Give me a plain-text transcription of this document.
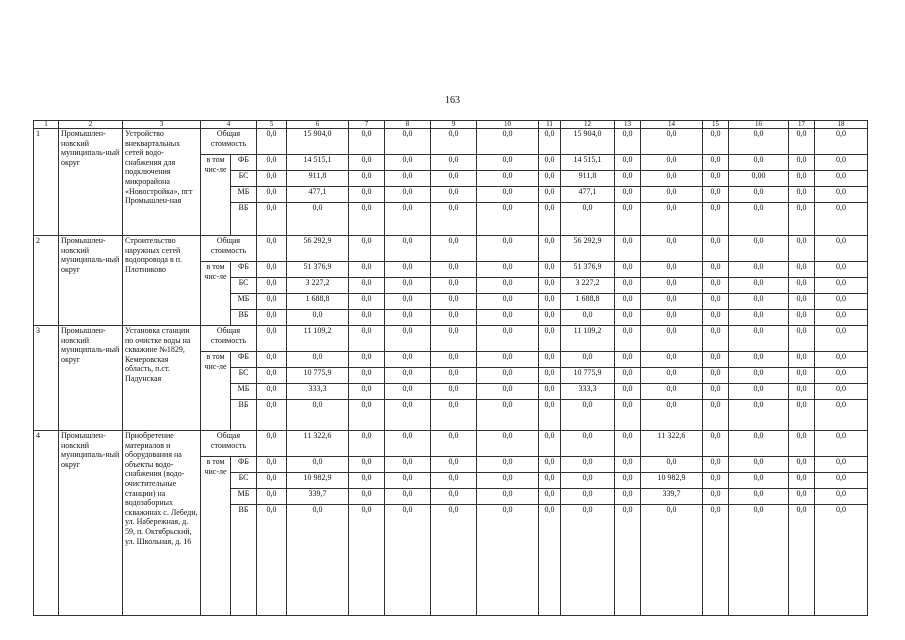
163
1	2	3	4		5	6	7	8	9	10	11	12	13	14	15	16	17	18
1	Промышлен-новский муниципаль-ный округ	Устройство внеквартальных сетей водо-снабжения для подключения микрорайона «Новостройка», пгт Промышлен-ная	Общая стоимость		0,0	15 904,0	0,0	0,0	0,0	0,0	0,0	15 904,0	0,0	0,0	0,0	0,0	0,0	0,0
			в том чис-ле	ФБ	0,0	14 515,1	0,0	0,0	0,0	0,0	0,0	14 515,1	0,0	0,0	0,0	0,0	0,0	0,0
				БС	0,0	911,8	0,0	0,0	0,0	0,0	0,0	911,8	0,0	0,0	0,0	0,00	0,0	0,0
				МБ	0,0	477,1	0,0	0,0	0,0	0,0	0,0	477,1	0,0	0,0	0,0	0,0	0,0	0,0
				ВБ	0,0	0,0	0,0	0,0	0,0	0,0	0,0	0,0	0,0	0,0	0,0	0,0	0,0	0,0
2	Промышлен-новский муниципаль-ный округ	Строительство наружных сетей водопровода в п. Плотниково	Общая стоимость		0,0	56 292,9	0,0	0,0	0,0	0,0	0,0	56 292,9	0,0	0,0	0,0	0,0	0,0	0,0
			в том чис-ле	ФБ	0,0	51 376,9	0,0	0,0	0,0	0,0	0,0	51 376,9	0,0	0,0	0,0	0,0	0,0	0,0
				БС	0,0	3 227,2	0,0	0,0	0,0	0,0	0,0	3 227,2	0,0	0,0	0,0	0,0	0,0	0,0
				МБ	0,0	1 688,8	0,0	0,0	0,0	0,0	0,0	1 688,8	0,0	0,0	0,0	0,0	0,0	0,0
				ВБ	0,0	0,0	0,0	0,0	0,0	0,0	0,0	0,0	0,0	0,0	0,0	0,0	0,0	0,0
3	Промышлен-новский муниципаль-ный округ	Установка станции по очистке воды на скважине №1829, Кемеровская область, п.ст. Падунская	Общая стоимость		0,0	11 109,2	0,0	0,0	0,0	0,0	0,0	11 109,2	0,0	0,0	0,0	0,0	0,0	0,0
			в том чис-ле	ФБ	0,0	0,0	0,0	0,0	0,0	0,0	0,0	0,0	0,0	0,0	0,0	0,0	0,0	0,0
				БС	0,0	10 775,9	0,0	0,0	0,0	0,0	0,0	10 775,9	0,0	0,0	0,0	0,0	0,0	0,0
				МБ	0,0	333,3	0,0	0,0	0,0	0,0	0,0	333,3	0,0	0,0	0,0	0,0	0,0	0,0
				ВБ	0,0	0,0	0,0	0,0	0,0	0,0	0,0	0,0	0,0	0,0	0,0	0,0	0,0	0,0
4	Промышлен-новский муниципаль-ный округ	Приобретение материалов и оборудования на объекты водо-снабжения (водо-очистительные станции) на водозаборных скважинах с. Лебеди, ул. Набережная, д. 59, п. Октябрьский, ул. Школьная, д. 16	Общая стоимость		0,0	11 322,6	0,0	0,0	0,0	0,0	0,0	0,0	0,0	11 322,6	0,0	0,0	0,0	0,0
			в том чис-ле	ФБ	0,0	0,0	0,0	0,0	0,0	0,0	0,0	0,0	0,0	0,0	0,0	0,0	0,0	0,0
				БС	0,0	10 982,9	0,0	0,0	0,0	0,0	0,0	0,0	0,0	10 982,9	0,0	0,0	0,0	0,0
				МБ	0,0	339,7	0,0	0,0	0,0	0,0	0,0	0,0	0,0	339,7	0,0	0,0	0,0	0,0
				ВБ	0,0	0,0	0,0	0,0	0,0	0,0	0,0	0,0	0,0	0,0	0,0	0,0	0,0	0,0
